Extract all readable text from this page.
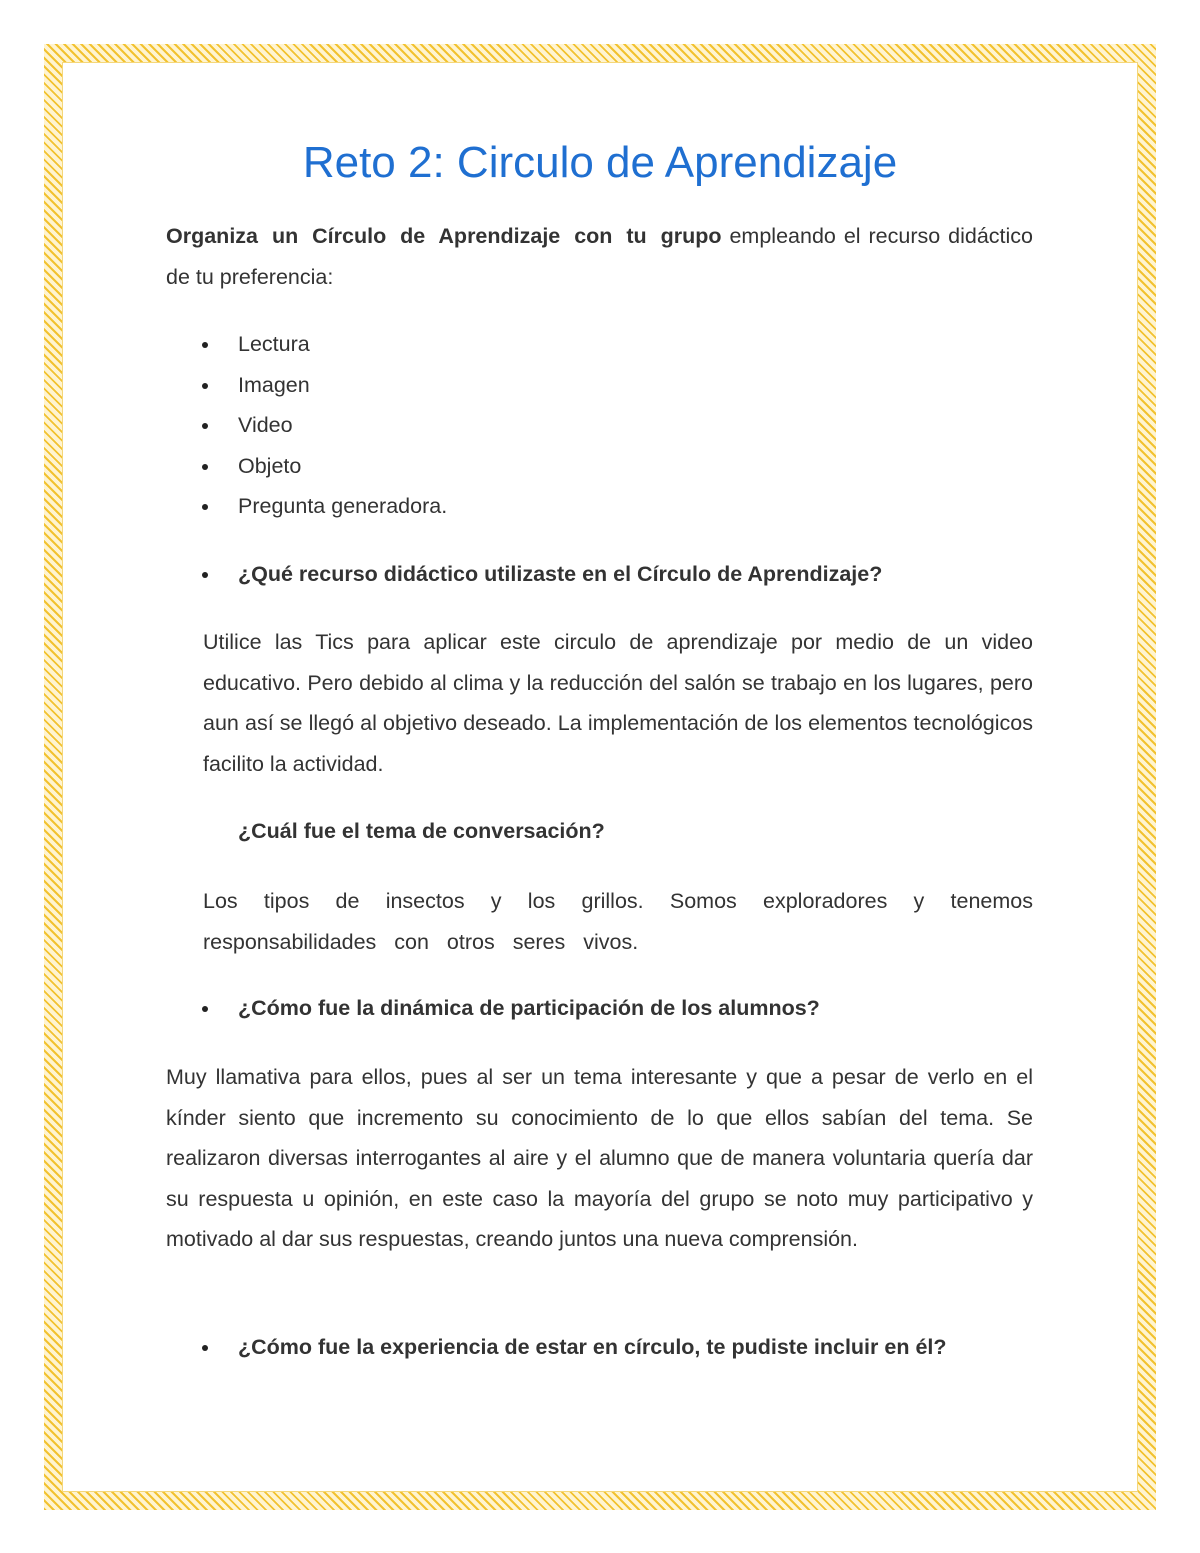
Reto 2: Circulo de Aprendizaje

Organiza un Círculo de Aprendizaje con tu grupo empleando el recurso didáctico de tu preferencia:

Lectura
Imagen
Video
Objeto
Pregunta generadora.

¿Qué recurso didáctico utilizaste en el Círculo de Aprendizaje?

Utilice las Tics para aplicar este circulo de aprendizaje por medio de un video educativo. Pero debido al clima y la reducción del salón se trabajo en los lugares, pero aun así se llegó al objetivo deseado. La implementación de los elementos tecnológicos facilito la actividad.

¿Cuál fue el tema de conversación?

Los tipos de insectos y los grillos. Somos exploradores y tenemos responsabilidades con otros seres vivos.

¿Cómo fue la dinámica de participación de los alumnos?

Muy llamativa para ellos, pues al ser un tema interesante y que a pesar de verlo en el kínder siento que incremento su conocimiento de lo que ellos sabían del tema. Se realizaron diversas interrogantes al aire y el alumno que de manera voluntaria quería dar su respuesta u opinión, en este caso la mayoría del grupo se noto muy participativo y motivado al dar sus respuestas, creando juntos una nueva comprensión.

¿Cómo fue la experiencia de estar en círculo, te pudiste incluir en él?
